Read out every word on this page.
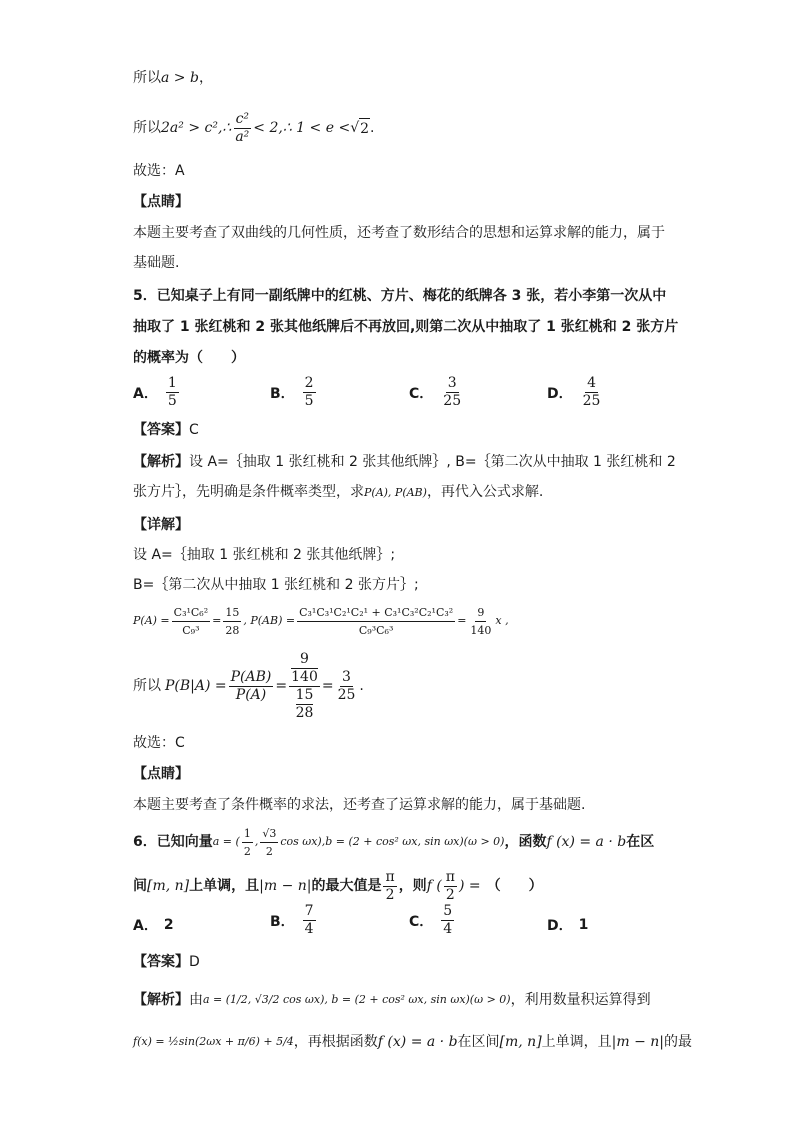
所以a > b，
所以 2a² > c²,∴ $\frac{\text{c²}}{\text{a²}}$ < 2,∴ 1 < e < √ 2 .
故选：A
【点睛】
本题主要考查了双曲线的几何性质，还考查了数形结合的思想和运算求解的能力，属于
基础题.
5．已知桌子上有同一副纸牌中的红桃、方片、梅花的纸牌各 3 张，若小李第一次从中
抽取了 1 张红桃和 2 张其他纸牌后不再放回,则第二次从中抽取了 1 张红桃和 2 张方片
的概率为（　　）
A． $\frac{1}{5}$	B． $\frac{2}{5}$	C． $\frac{3}{25}$	D． $\frac{4}{25}$
【答案】C
【解析】设 A=｛抽取 1 张红桃和 2 张其他纸牌｝, B=｛第二次从中抽取 1 张红桃和 2
张方片｝，先明确是条件概率类型，求P(A), P(AB)，再代入公式求解.
【详解】
设 A=｛抽取 1 张红桃和 2 张其他纸牌｝;
B=｛第二次从中抽取 1 张红桃和 2 张方片｝;
$P(A) = \frac{\text{C₃¹C₆²}}{\text{C₉³}} = \frac{15}{28}$ , $P(AB) = \frac{\text{C₃¹C₃¹C₂¹C₂¹ + C₃¹C₃²C₂¹C₃²}}{\text{C₉³C₆³}} = \frac{9}{140}$ x ,
所以 $P(B|A) = \frac{P(AB)}{P(A)} = 9$
140
15
$28 = \frac{3}{25}$ .
故选：C
【点睛】
本题主要考查了条件概率的求法，还考查了运算求解的能力，属于基础题.
6．已知向量 a = ( $\frac{1}{2}$ , $\frac{√3}{2}$ cos ωx), b = (2 + cos² ωx, sin ωx)(ω > 0) ，函数 f (x) = a · b 在区
间 [m, n] 上单调，且 |m − n| 的最大值是 $\frac{\pi}{2}$ ，则 f ( $\frac{\pi}{2}$ ) = （　　）
A． 2	B． $\frac{7}{4}$	C． $\frac{5}{4}$	D． 1
【答案】D
【解析】 由 a = (1/2, √3/2 cos ωx), b = (2 + cos² ωx, sin ωx)(ω > 0) ，利用数量积运算得到
f(x) = ½sin(2ωx + π/6) + 5/4 ，再根据函数 f (x) = a · b 在区间 [m, n] 上单调，且 |m − n| 的最
